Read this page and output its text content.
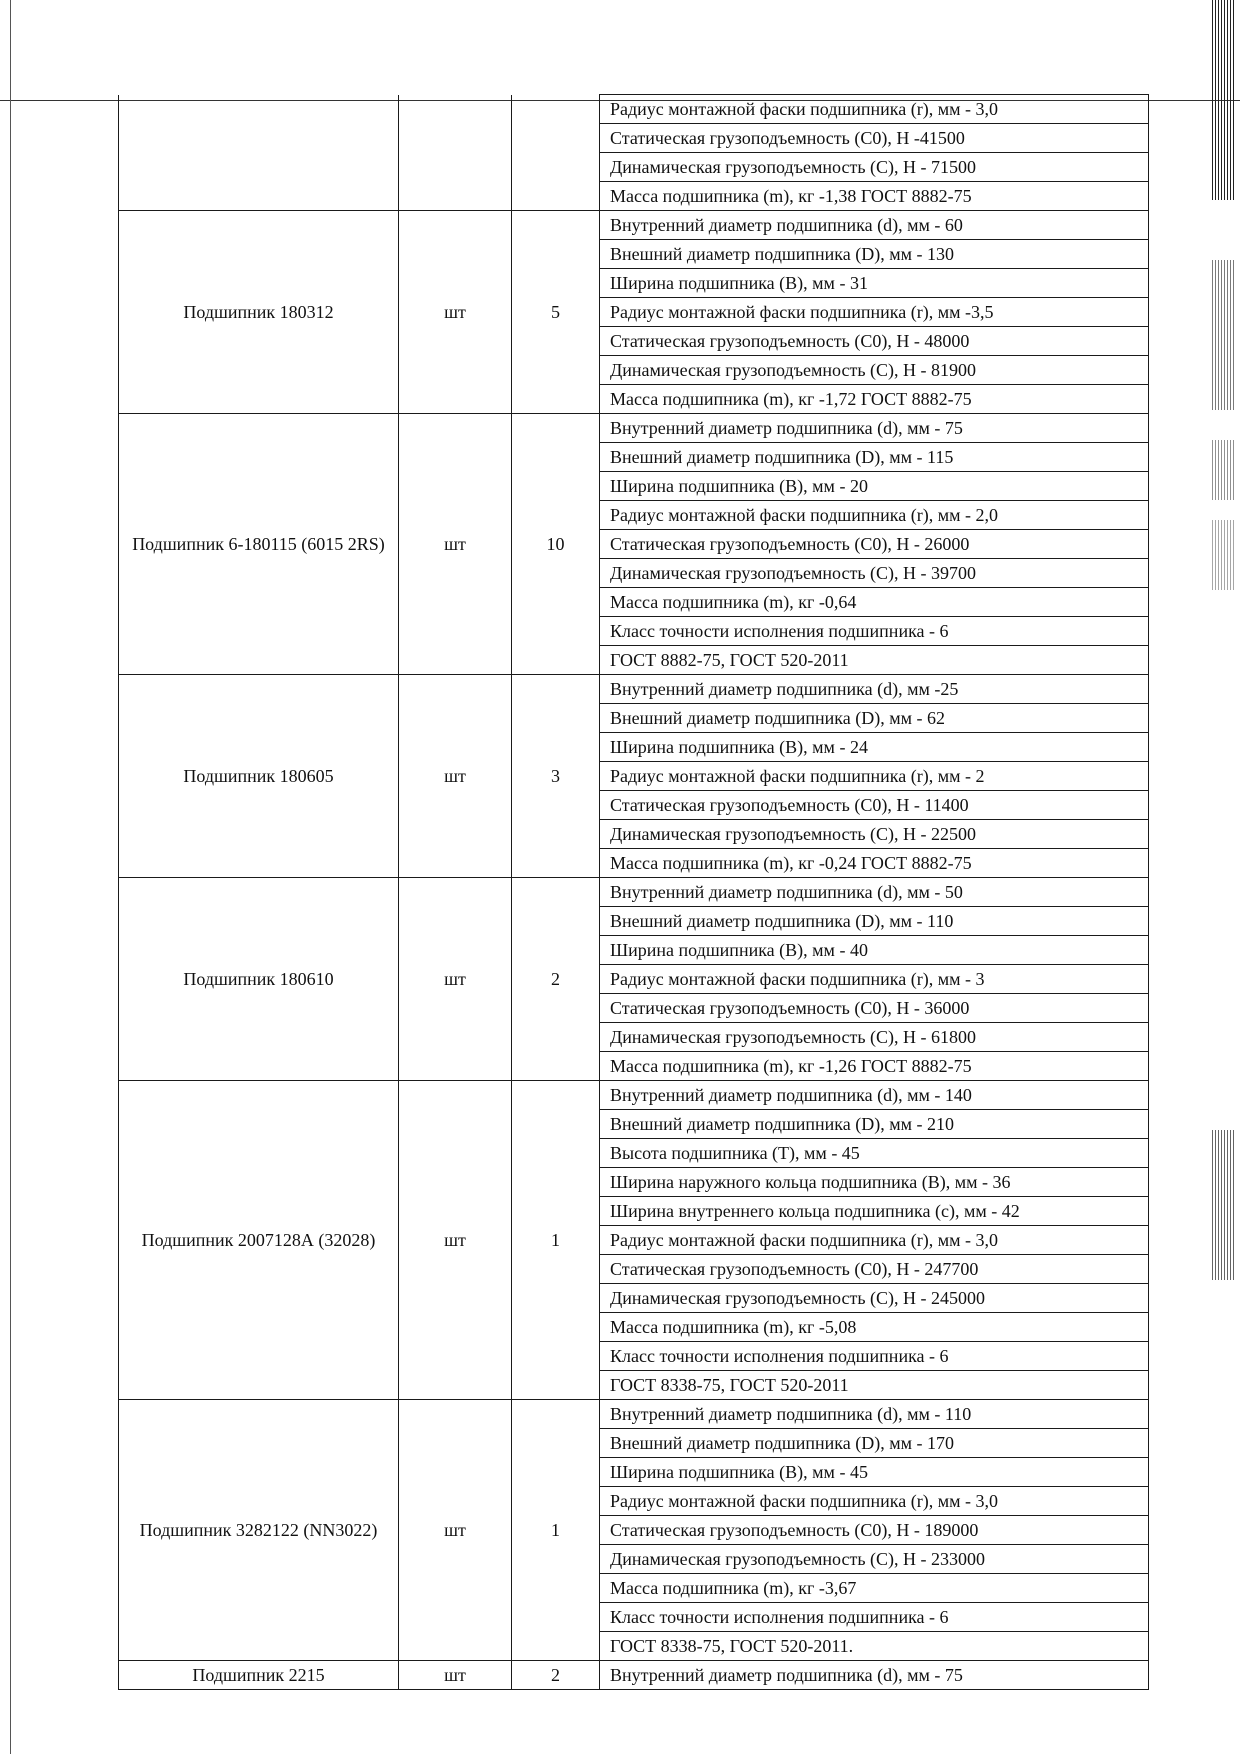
			Радиус монтажной фаски подшипника (r), мм - 3,0
			Статическая грузоподъемность (C0), Н -41500
			Динамическая грузоподъемность (C), Н - 71500
			Масса подшипника (m), кг -1,38 ГОСТ 8882-75
Подшипник 180312	шт	5	Внутренний диаметр подшипника (d), мм - 60
			Внешний диаметр подшипника (D), мм - 130
			Ширина подшипника (B), мм - 31
			Радиус монтажной фаски подшипника (r), мм -3,5
			Статическая грузоподъемность (C0), Н - 48000
			Динамическая грузоподъемность (C), Н - 81900
			Масса подшипника (m), кг -1,72 ГОСТ 8882-75
Подшипник 6-180115 (6015 2RS)	шт	10	Внутренний диаметр подшипника (d), мм - 75
			Внешний диаметр подшипника (D), мм - 115
			Ширина подшипника (B), мм - 20
			Радиус монтажной фаски подшипника (r), мм - 2,0
			Статическая грузоподъемность (C0), Н - 26000
			Динамическая грузоподъемность (C), Н - 39700
			Масса подшипника (m), кг -0,64
			Класс точности исполнения подшипника - 6
			ГОСТ 8882-75, ГОСТ 520-2011
Подшипник 180605	шт	3	Внутренний диаметр подшипника (d), мм -25
			Внешний диаметр подшипника (D), мм - 62
			Ширина подшипника (B), мм - 24
			Радиус монтажной фаски подшипника (r), мм - 2
			Статическая грузоподъемность (C0), Н - 11400
			Динамическая грузоподъемность (C), Н - 22500
			Масса подшипника (m), кг -0,24 ГОСТ 8882-75
Подшипник 180610	шт	2	Внутренний диаметр подшипника (d), мм - 50
			Внешний диаметр подшипника (D), мм - 110
			Ширина подшипника (B), мм - 40
			Радиус монтажной фаски подшипника (r), мм - 3
			Статическая грузоподъемность (C0), Н - 36000
			Динамическая грузоподъемность (C), Н - 61800
			Масса подшипника (m), кг -1,26 ГОСТ 8882-75
Подшипник 2007128А (32028)	шт	1	Внутренний диаметр подшипника (d), мм - 140
			Внешний диаметр подшипника (D), мм - 210
			Высота подшипника (T), мм - 45
			Ширина наружного кольца подшипника (B), мм - 36
			Ширина внутреннего кольца подшипника (с), мм - 42
			Радиус монтажной фаски подшипника (r), мм - 3,0
			Статическая грузоподъемность (C0), Н - 247700
			Динамическая грузоподъемность (C), Н - 245000
			Масса подшипника (m), кг -5,08
			Класс точности исполнения подшипника - 6
			ГОСТ 8338-75, ГОСТ 520-2011
Подшипник 3282122 (NN3022)	шт	1	Внутренний диаметр подшипника (d), мм - 110
			Внешний диаметр подшипника (D), мм - 170
			Ширина подшипника (B), мм - 45
			Радиус монтажной фаски подшипника (r), мм - 3,0
			Статическая грузоподъемность (C0), Н - 189000
			Динамическая грузоподъемность (C), Н - 233000
			Масса подшипника (m), кг -3,67
			Класс точности исполнения подшипника - 6
			ГОСТ 8338-75, ГОСТ 520-2011.
Подшипник 2215	шт	2	Внутренний диаметр подшипника (d), мм - 75
